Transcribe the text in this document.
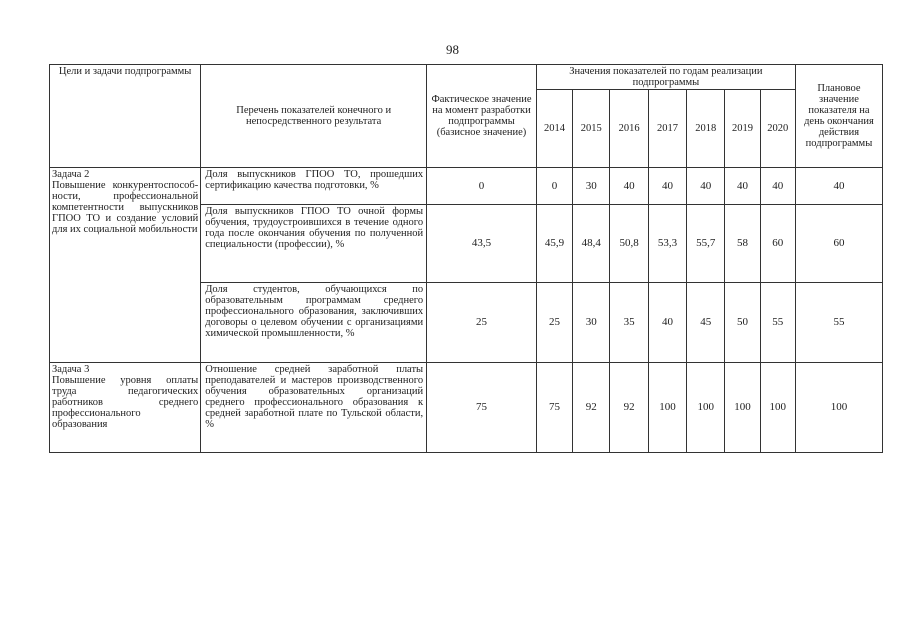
98
Цели и задачи подпрограммы	Перечень показателей конечного и непосредственного результата	Фактическое значение на момент разработки подпрограммы (базисное значение)	Значения показателей по годам реализации подпрограммы							Плановое значение показателя на день окончания действия подпрограммы
			2014	2015	2016	2017	2018	2019	2020	

Задача 2
Повышение конкурентоспособ-ности, профессиональной компетентности выпускников ГПОО ТО и создание условий для их социальной мобильности	Доля выпускников ГПОО ТО, прошедших сертификацию качества подготовки, %	0	0	30	40	40	40	40	40	40
	Доля выпускников ГПОО ТО очной формы обучения, трудоустроившихся в течение одного года после окончания обучения по полученной специальности (профессии), %	43,5	45,9	48,4	50,8	53,3	55,7	58	60	60
	Доля студентов, обучающихся по образовательным программам среднего профессионального образования, заключивших договоры о целевом обучении с организациями химической промышленности, %	25	25	30	35	40	45	50	55	55

Задача 3
Повышение уровня оплаты труда педагогических работников среднего профессионального образования	Отношение средней заработной платы преподавателей и мастеров производственного обучения образовательных организаций среднего профессионального образования к средней заработной плате по Тульской области, %	75	75	92	92	100	100	100	100	100
